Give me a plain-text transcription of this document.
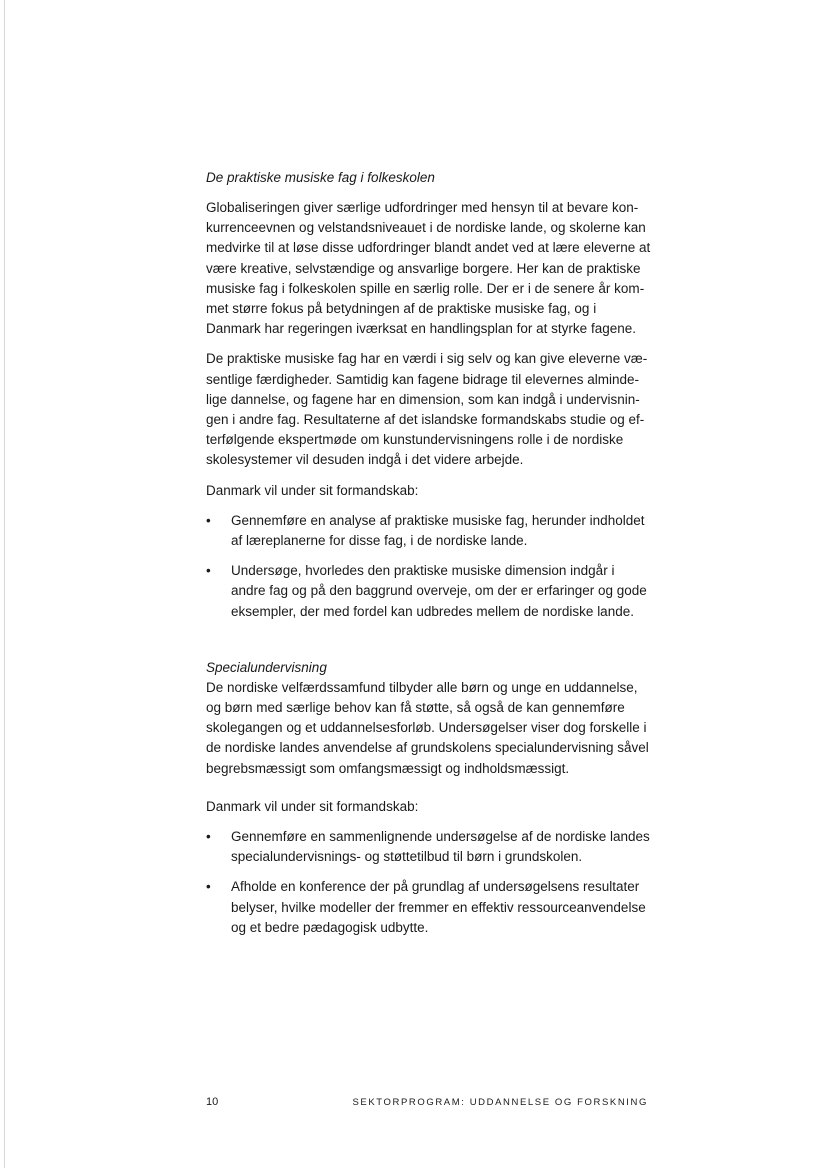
De praktiske musiske fag i folkeskolen

Globaliseringen giver særlige udfordringer med hensyn til at bevare konkurrenceevnen og velstandsniveauet i de nordiske lande, og skolerne kan medvirke til at løse disse udfordringer blandt andet ved at lære eleverne at være kreative, selvstændige og ansvarlige borgere. Her kan de praktiske musiske fag i folkeskolen spille en særlig rolle. Der er i de senere år kommet større fokus på betydningen af de praktiske musiske fag, og i Danmark har regeringen iværksat en handlingsplan for at styrke fagene.

De praktiske musiske fag har en værdi i sig selv og kan give eleverne væsentlige færdigheder. Samtidig kan fagene bidrage til elevernes almindelige dannelse, og fagene har en dimension, som kan indgå i undervisningen i andre fag. Resultaterne af det islandske formandskabs studie og efterfølgende ekspertmøde om kunstundervisningens rolle i de nordiske skolesystemer vil desuden indgå i det videre arbejde.

Danmark vil under sit formandskab:

• Gennemføre en analyse af praktiske musiske fag, herunder indholdet af læreplanerne for disse fag, i de nordiske lande.
• Undersøge, hvorledes den praktiske musiske dimension indgår i andre fag og på den baggrund overveje, om der er erfaringer og gode eksempler, der med fordel kan udbredes mellem de nordiske lande.

Specialundervisning

De nordiske velfærdssamfund tilbyder alle børn og unge en uddannelse, og børn med særlige behov kan få støtte, så også de kan gennemføre skolegangen og et uddannelsesforløb. Undersøgelser viser dog forskelle i de nordiske landes anvendelse af grundskolens specialundervisning såvel begrebsmæssigt som omfangsmæssigt og indholdsmæssigt.

Danmark vil under sit formandskab:

• Gennemføre en sammenlignende undersøgelse af de nordiske landes specialundervisnings- og støttetilbud til børn i grundskolen.
• Afholde en konference der på grundlag af undersøgelsens resultater belyser, hvilke modeller der fremmer en effektiv ressourceanvendelse og et bedre pædagogisk udbytte.
10	SEKTORPROGRAM: UDDANNELSE OG FORSKNING
